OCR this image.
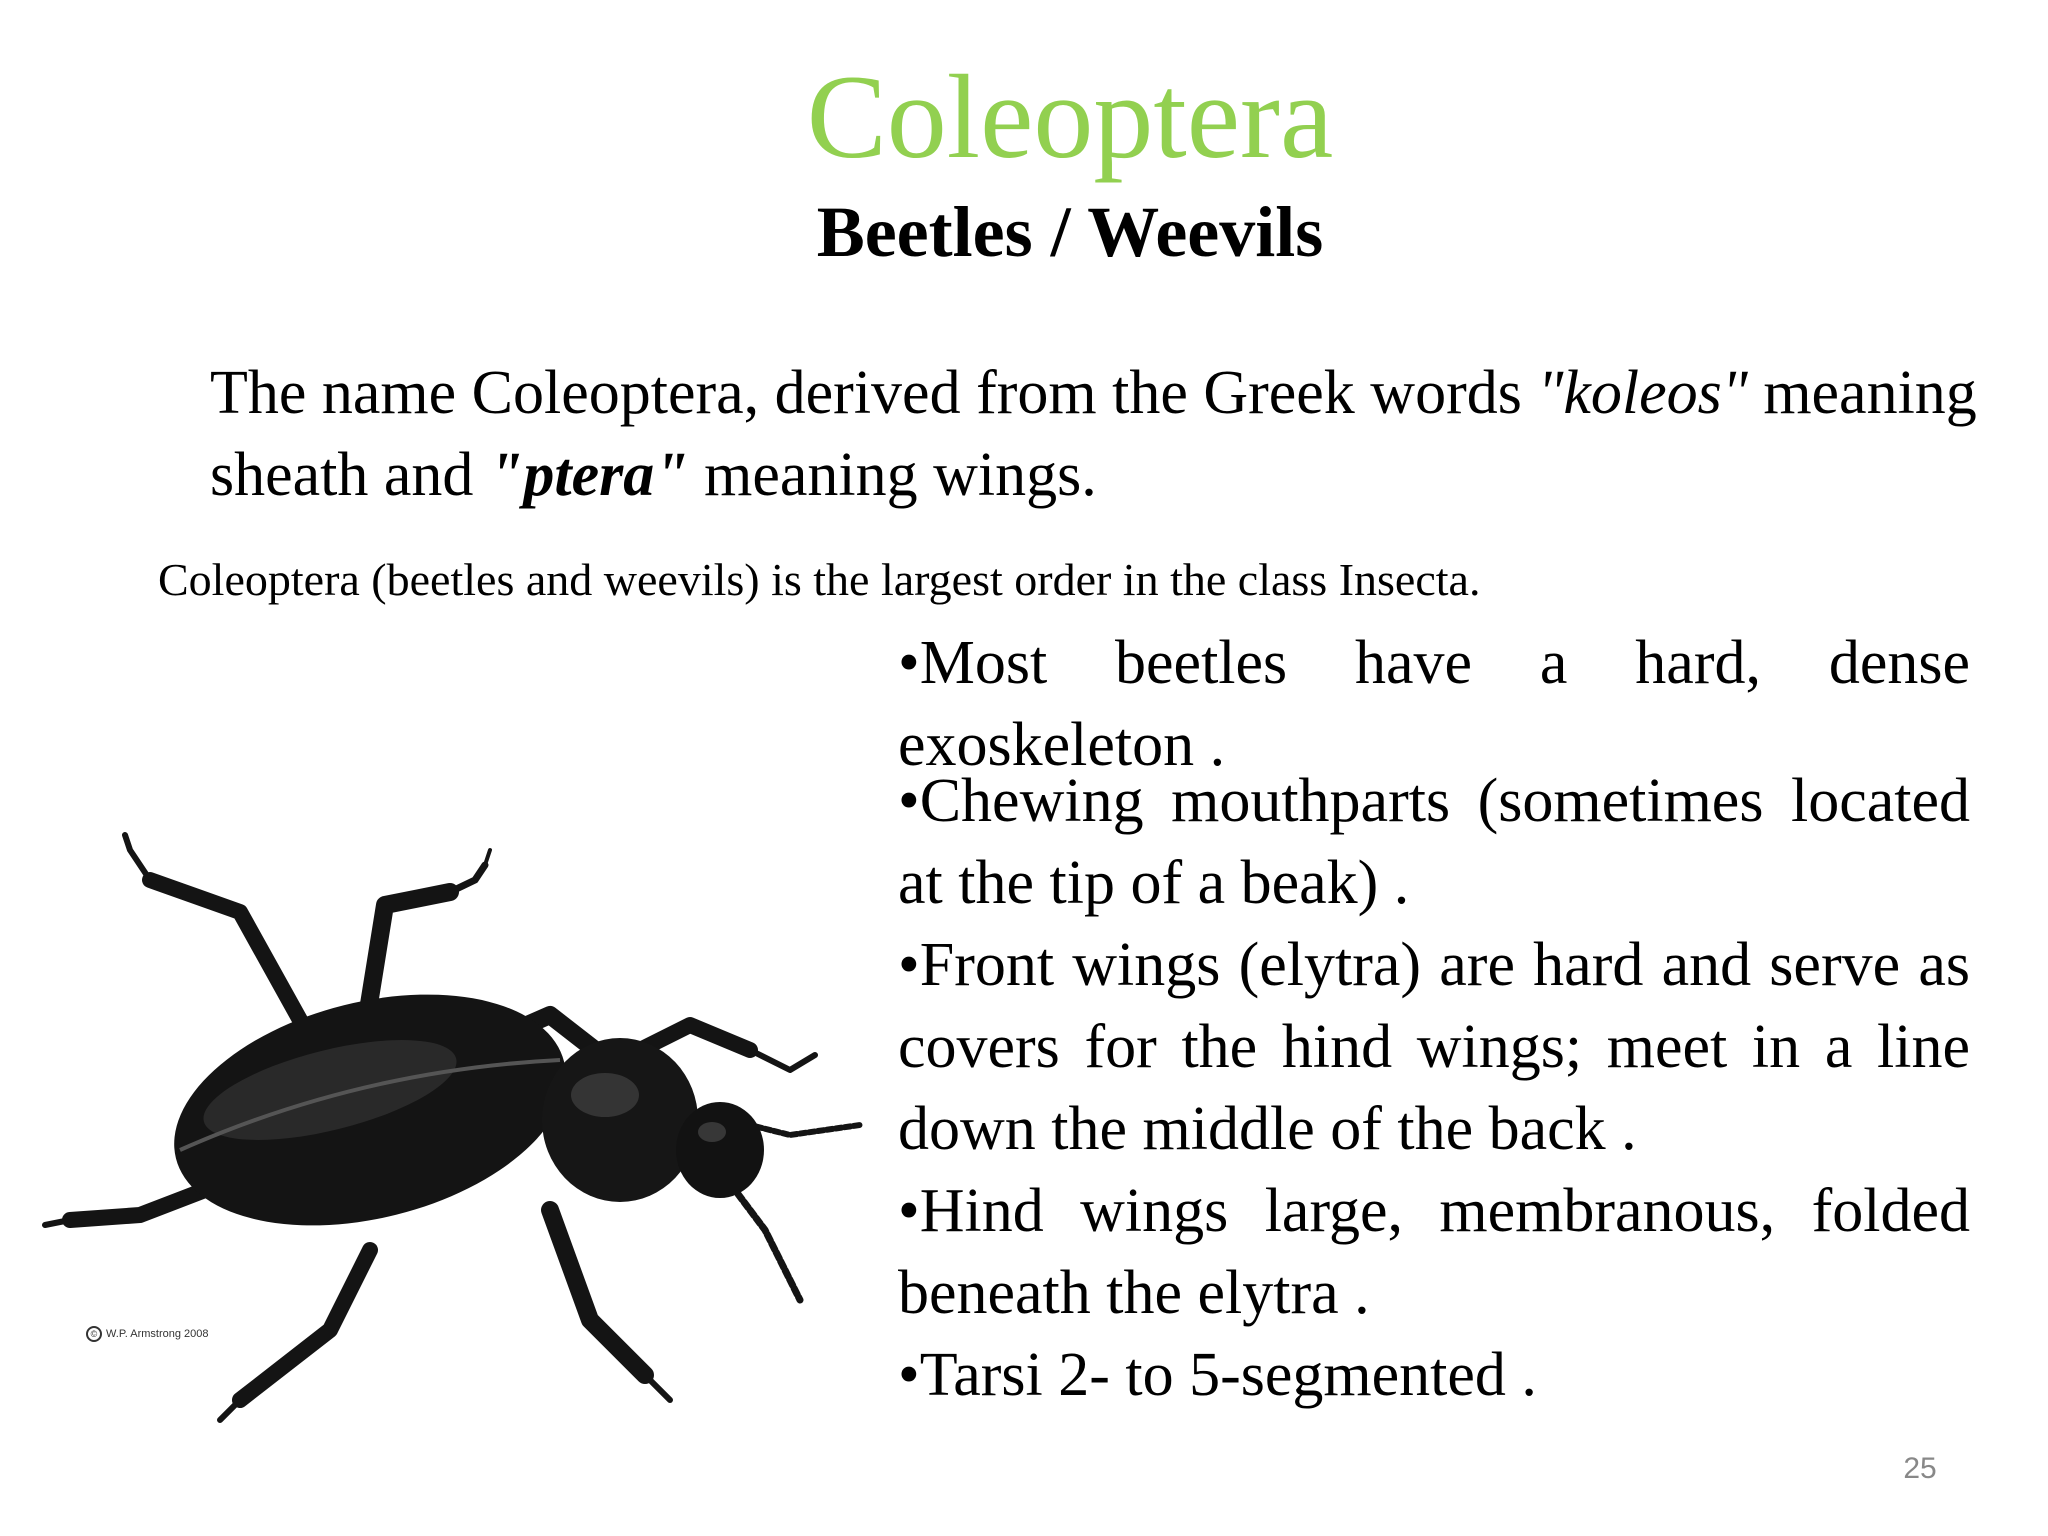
Coleoptera
Beetles / Weevils

The name Coleoptera, derived from the Greek words "koleos" meaning sheath and "ptera" meaning wings.

Coleoptera (beetles and weevils) is the largest order in the class Insecta.

•Most beetles have a hard, dense exoskeleton .

•Chewing mouthparts (sometimes located at the tip of a beak) .

•Front wings (elytra) are hard and serve as covers for the hind wings; meet in a line down the middle of the back .

•Hind wings large, membranous, folded beneath the elytra .

•Tarsi 2- to 5-segmented .

© W.P. Armstrong 2008
25
